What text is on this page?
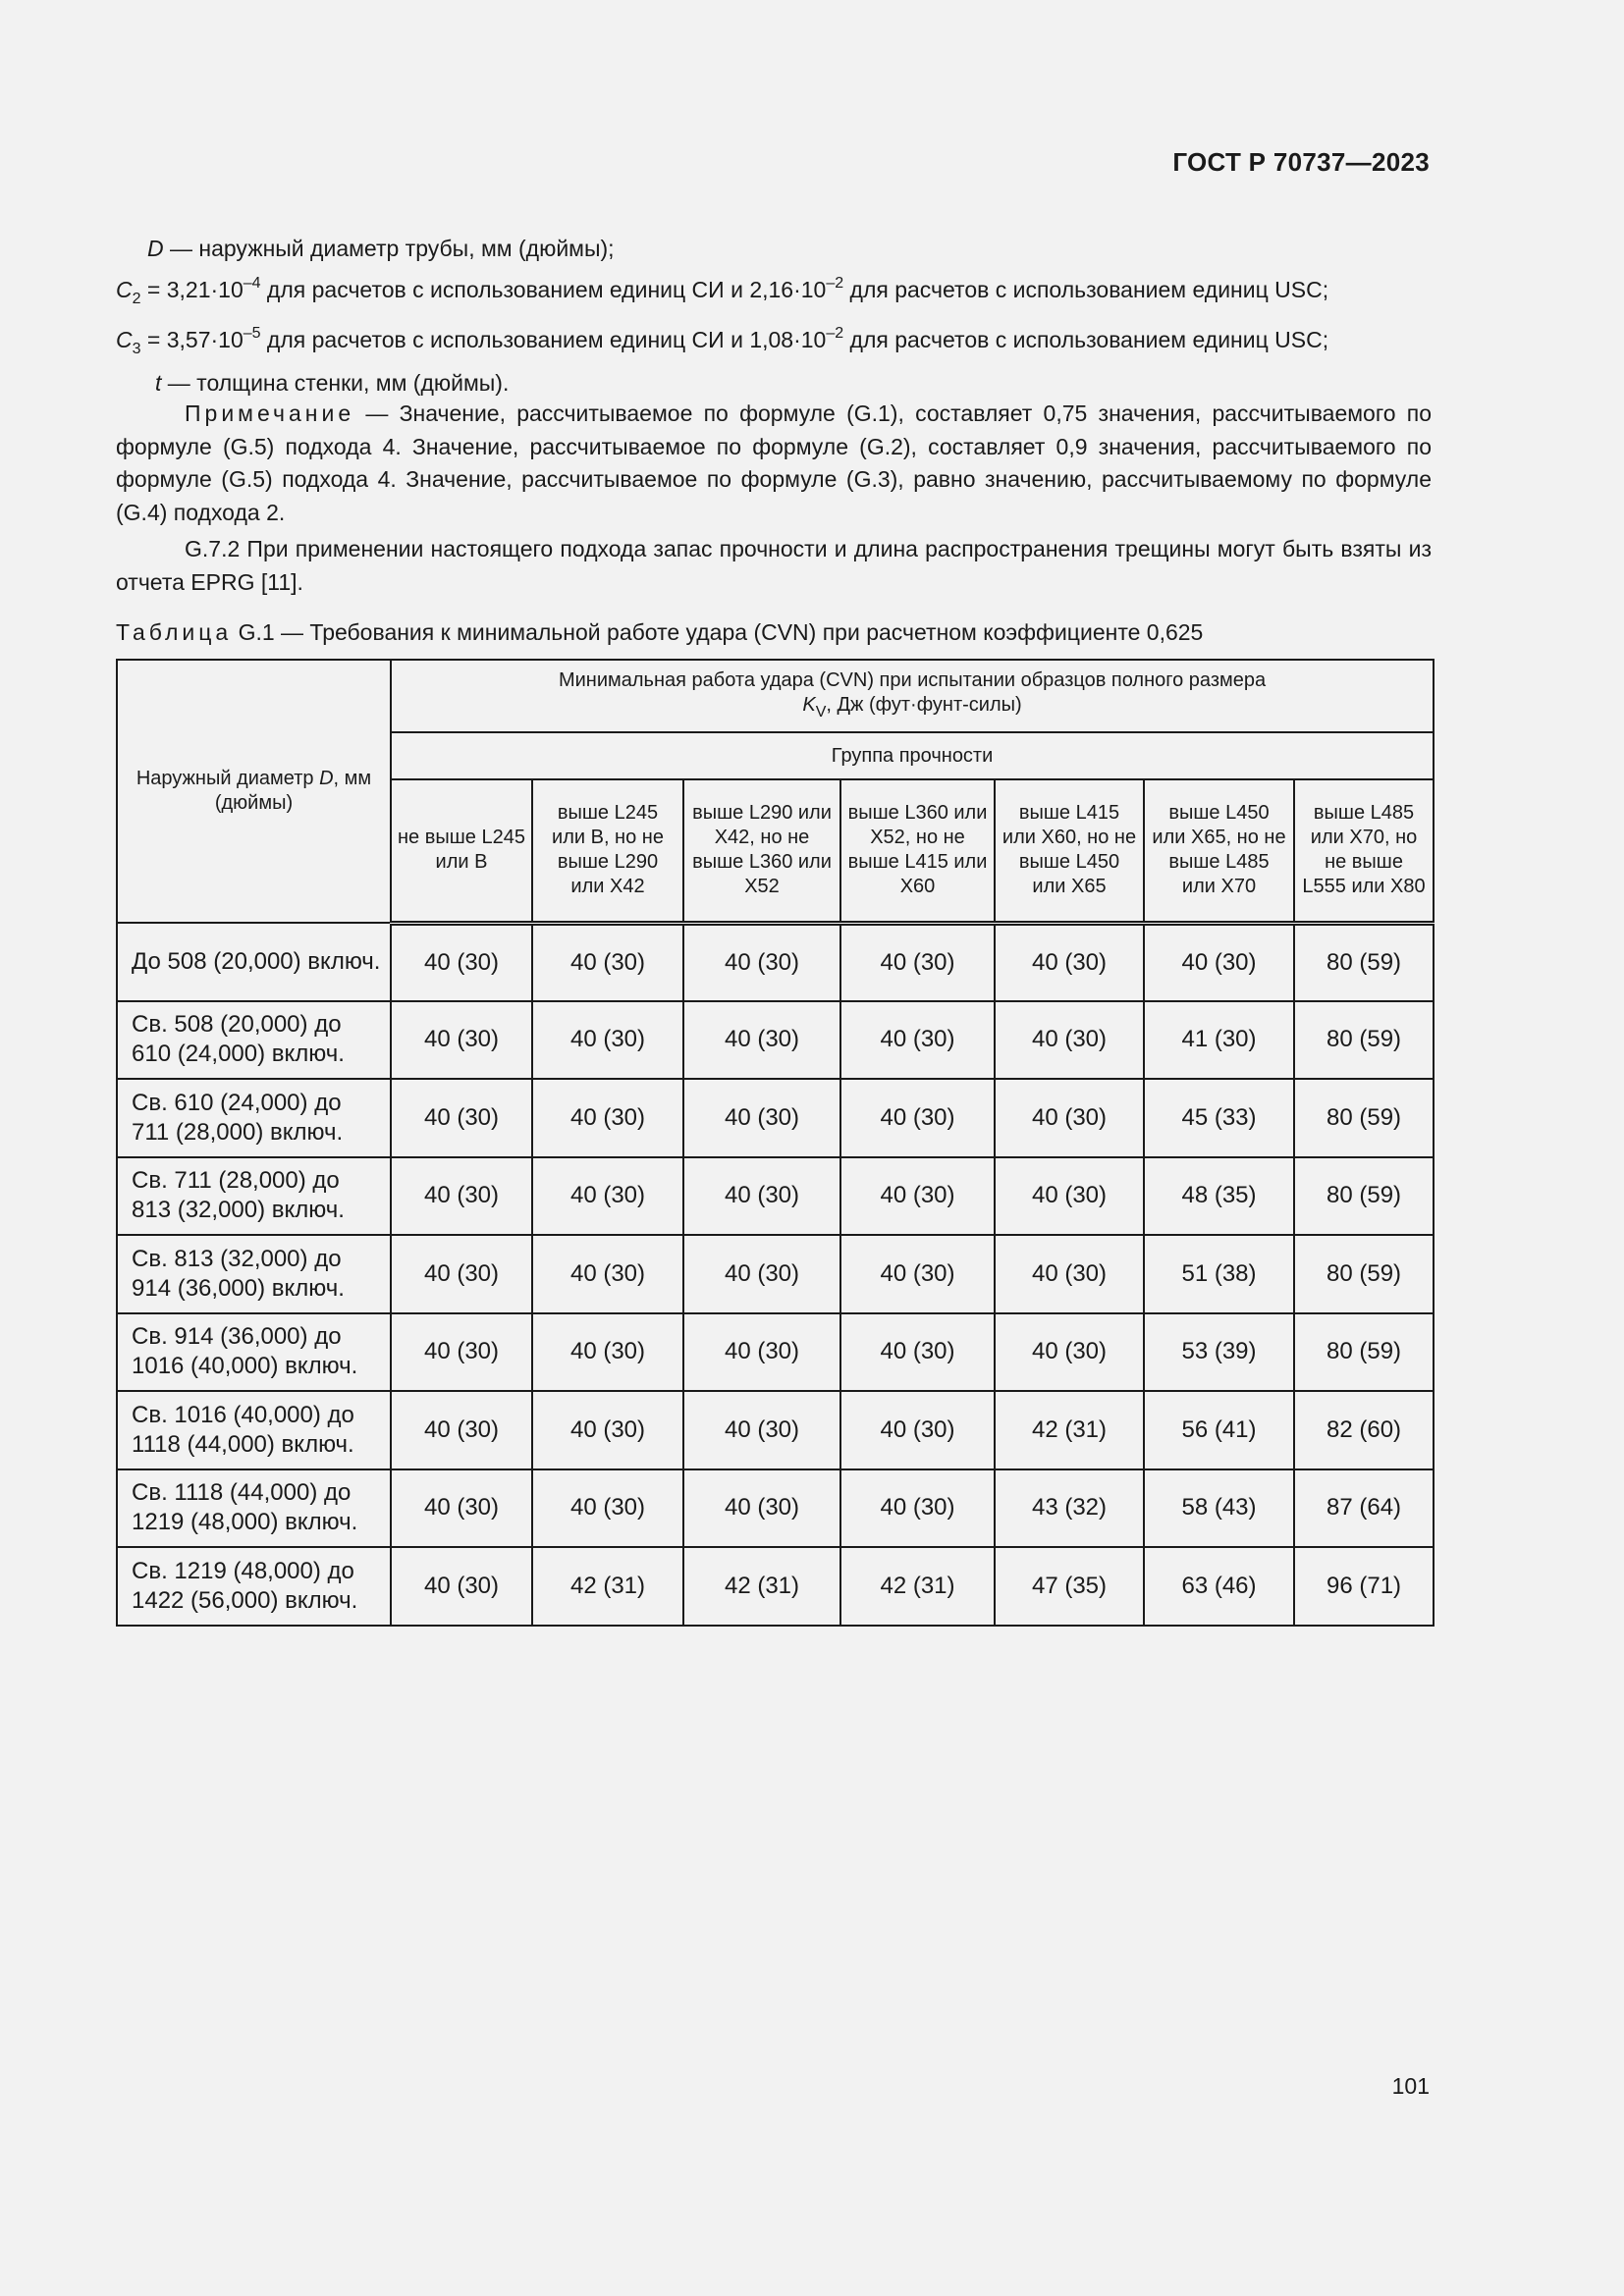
ГОСТ Р 70737—2023
D — наружный диаметр трубы, мм (дюймы);
$C_2 = 3,21\cdot 10^{-4}$ для расчетов с использованием единиц СИ и $2,16\cdot 10^{-2}$ для расчетов с использованием единиц USC;
$C_3 = 3,57\cdot 10^{-5}$ для расчетов с использованием единиц СИ и $1,08\cdot 10^{-2}$ для расчетов с использованием единиц USC;
t — толщина стенки, мм (дюймы).
Примечание — Значение, рассчитываемое по формуле (G.1), составляет 0,75 значения, рассчитываемого по формуле (G.5) подхода 4. Значение, рассчитываемое по формуле (G.2), составляет 0,9 значения, рассчитываемого по формуле (G.5) подхода 4. Значение, рассчитываемое по формуле (G.3), равно значению, рассчитываемому по формуле (G.4) подхода 2.
G.7.2 При применении настоящего подхода запас прочности и длина распространения трещины могут быть взяты из отчета EPRG [11].
Таблица G.1 — Требования к минимальной работе удара (CVN) при расчетном коэффициенте 0,625
Наружный диаметр D, мм (дюймы)	Минимальная работа удара (CVN) при испытании образцов полного размера
$K_V$, Дж (фут·фунт-силы)						
	Группа прочности						
	не выше L245 или B	выше L245 или B, но не выше L290 или X42	выше L290 или X42, но не выше L360 или X52	выше L360 или X52, но не выше L415 или X60	выше L415 или X60, но не выше L450 или X65	выше L450 или X65, но не выше L485 или X70	выше L485 или X70, но не выше L555 или X80
До 508 (20,000) включ.	40 (30)	40 (30)	40 (30)	40 (30)	40 (30)	40 (30)	80 (59)
Св. 508 (20,000) до 610 (24,000) включ.	40 (30)	40 (30)	40 (30)	40 (30)	40 (30)	41 (30)	80 (59)
Св. 610 (24,000) до 711 (28,000) включ.	40 (30)	40 (30)	40 (30)	40 (30)	40 (30)	45 (33)	80 (59)
Св. 711 (28,000) до 813 (32,000) включ.	40 (30)	40 (30)	40 (30)	40 (30)	40 (30)	48 (35)	80 (59)
Св. 813 (32,000) до 914 (36,000) включ.	40 (30)	40 (30)	40 (30)	40 (30)	40 (30)	51 (38)	80 (59)
Св. 914 (36,000) до 1016 (40,000) включ.	40 (30)	40 (30)	40 (30)	40 (30)	40 (30)	53 (39)	80 (59)
Св. 1016 (40,000) до 1118 (44,000) включ.	40 (30)	40 (30)	40 (30)	40 (30)	42 (31)	56 (41)	82 (60)
Св. 1118 (44,000) до 1219 (48,000) включ.	40 (30)	40 (30)	40 (30)	40 (30)	43 (32)	58 (43)	87 (64)
Св. 1219 (48,000) до 1422 (56,000) включ.	40 (30)	42 (31)	42 (31)	42 (31)	47 (35)	63 (46)	96 (71)
101
